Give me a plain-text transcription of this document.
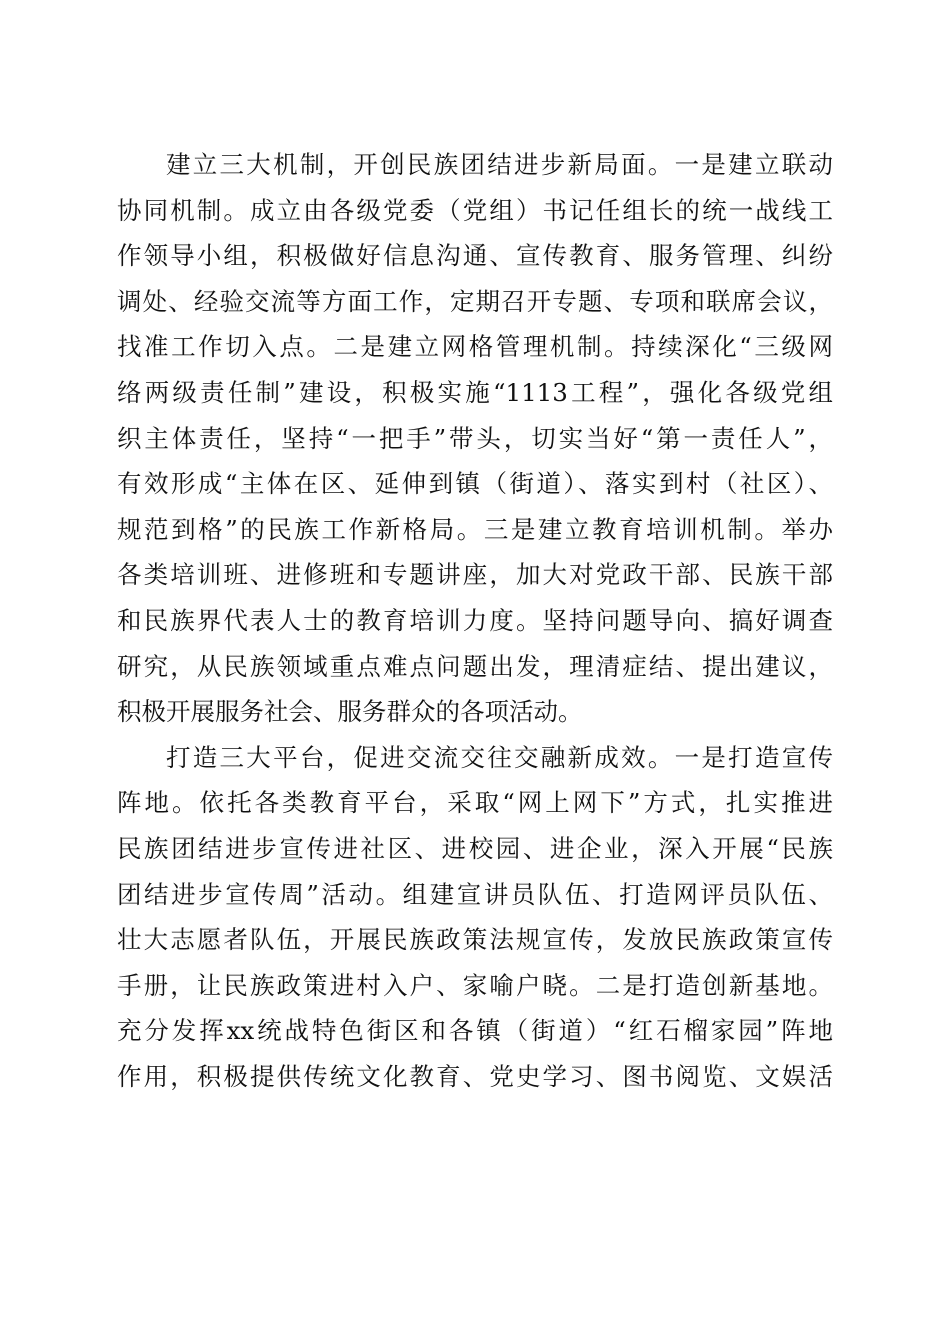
建立三大机制，开创民族团结进步新局面。一是建立联动
协同机制。成立由各级党委（党组）书记任组长的统一战线工
作领导小组，积极做好信息沟通、宣传教育、服务管理、纠纷
调处、经验交流等方面工作，定期召开专题、专项和联席会议，
找准工作切入点。二是建立网格管理机制。持续深化“三级网
络两级责任制”建设，积极实施“1113工程”，强化各级党组
织主体责任，坚持“一把手”带头，切实当好“第一责任人”，
有效形成“主体在区、延伸到镇（街道）、落实到村（社区）、
规范到格”的民族工作新格局。三是建立教育培训机制。举办
各类培训班、进修班和专题讲座，加大对党政干部、民族干部
和民族界代表人士的教育培训力度。坚持问题导向、搞好调查
研究，从民族领域重点难点问题出发，理清症结、提出建议，
积极开展服务社会、服务群众的各项活动。
打造三大平台，促进交流交往交融新成效。一是打造宣传
阵地。依托各类教育平台，采取“网上网下”方式，扎实推进
民族团结进步宣传进社区、进校园、进企业，深入开展“民族
团结进步宣传周”活动。组建宣讲员队伍、打造网评员队伍、
壮大志愿者队伍，开展民族政策法规宣传，发放民族政策宣传
手册，让民族政策进村入户、家喻户晓。二是打造创新基地。
充分发挥xx统战特色街区和各镇（街道）“红石榴家园”阵地
作用，积极提供传统文化教育、党史学习、图书阅览、文娱活
